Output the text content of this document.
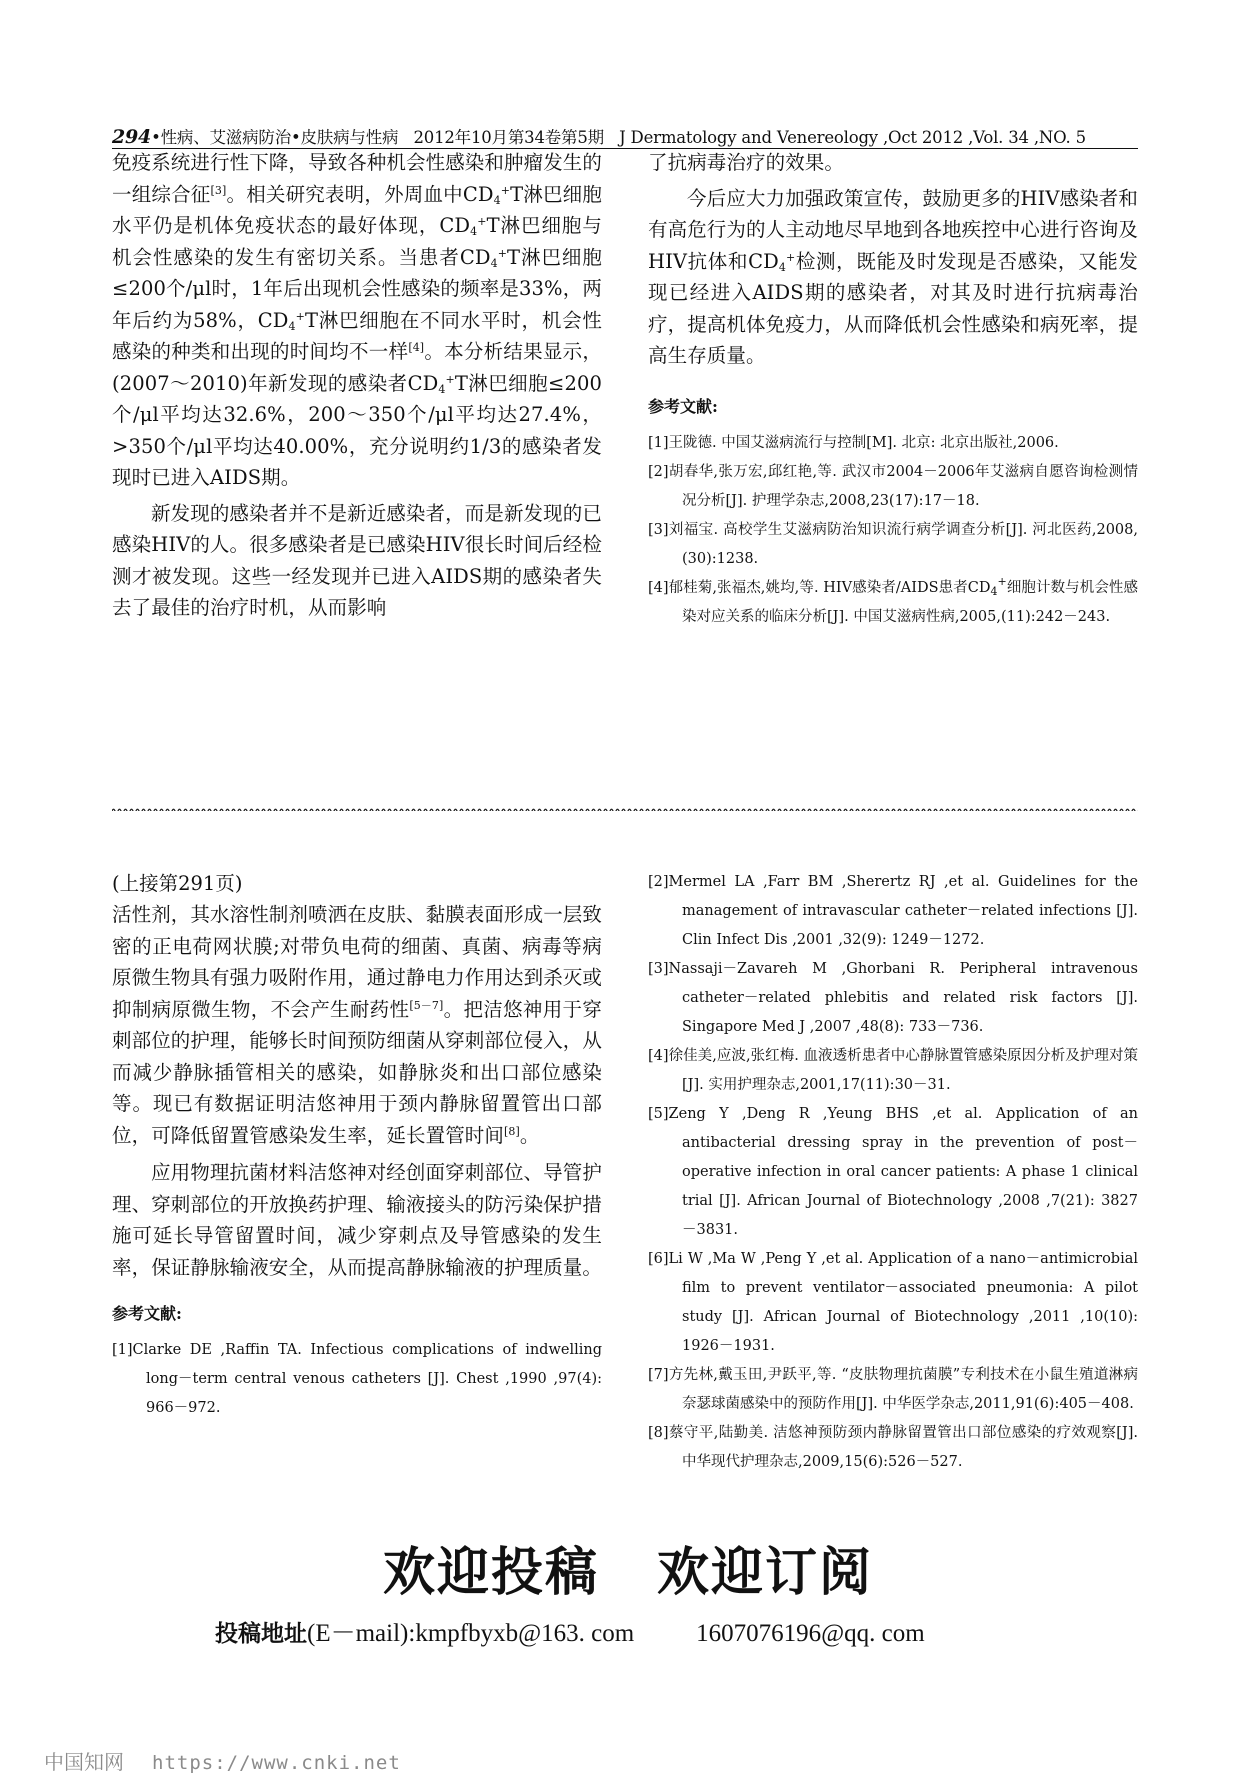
294•性病、艾滋病防治•皮肤病与性病 2012年10月第34卷第5期 J Dermatology and Venereology ,Oct 2012 ,Vol. 34 ,NO. 5

免疫系统进行性下降，导致各种机会性感染和肿瘤发生的一组综合征[3]。相关研究表明，外周血中$CD_4^+T$淋巴细胞水平仍是机体免疫状态的最好体现，$CD_4^+T$淋巴细胞与机会性感染的发生有密切关系。当患者$CD_4^+T$淋巴细胞≤200个/μl时，1年后出现机会性感染的频率是33%，两年后约为58%，$CD_4^+T$淋巴细胞在不同水平时，机会性感染的种类和出现的时间均不一样[4]。本分析结果显示，(2007～2010)年新发现的感染者$CD_4^+T$淋巴细胞≤200个/μl平均达32.6%，200～350个/μl平均达27.4%，>350个/μl平均达40.00%，充分说明约1/3的感染者发现时已进入AIDS期。

新发现的感染者并不是新近感染者，而是新发现的已感染HIV的人。很多感染者是已感染HIV很长时间后经检测才被发现。这些一经发现并已进入AIDS期的感染者失去了最佳的治疗时机，从而影响

了抗病毒治疗的效果。

今后应大力加强政策宣传，鼓励更多的HIV感染者和有高危行为的人主动地尽早地到各地疾控中心进行咨询及HIV抗体和$CD_4^+$检测，既能及时发现是否感染，又能发现已经进入AIDS期的感染者，对其及时进行抗病毒治疗，提高机体免疫力，从而降低机会性感染和病死率，提高生存质量。

参考文献:

[1]王陇德. 中国艾滋病流行与控制[M]. 北京: 北京出版社,2006.

[2]胡春华,张万宏,邱红艳,等. 武汉市2004－2006年艾滋病自愿咨询检测情况分析[J]. 护理学杂志,2008,23(17):17－18.

[3]刘福宝. 高校学生艾滋病防治知识流行病学调查分析[J]. 河北医药,2008,(30):1238.

[4]郁桂菊,张福杰,姚均,等. HIV感染者/AIDS患者$CD_4^+$细胞计数与机会性感染对应关系的临床分析[J]. 中国艾滋病性病,2005,(11):242－243.

(上接第291页)

活性剂，其水溶性制剂喷洒在皮肤、黏膜表面形成一层致密的正电荷网状膜;对带负电荷的细菌、真菌、病毒等病原微生物具有强力吸附作用，通过静电力作用达到杀灭或抑制病原微生物，不会产生耐药性[5－7]。把洁悠神用于穿刺部位的护理，能够长时间预防细菌从穿刺部位侵入，从而减少静脉插管相关的感染，如静脉炎和出口部位感染等。现已有数据证明洁悠神用于颈内静脉留置管出口部位，可降低留置管感染发生率，延长置管时间[8]。

应用物理抗菌材料洁悠神对经创面穿刺部位、导管护理、穿刺部位的开放换药护理、输液接头的防污染保护措施可延长导管留置时间，减少穿刺点及导管感染的发生率，保证静脉输液安全，从而提高静脉输液的护理质量。

参考文献:

[1]Clarke DE ,Raffin TA. Infectious complications of indwelling long－term central venous catheters [J]. Chest ,1990 ,97(4): 966－972.

[2]Mermel LA ,Farr BM ,Sherertz RJ ,et al. Guidelines for the management of intravascular catheter－related infections [J]. Clin Infect Dis ,2001 ,32(9): 1249－1272.

[3]Nassaji－Zavareh M ,Ghorbani R. Peripheral intravenous catheter－related phlebitis and related risk factors [J]. Singapore Med J ,2007 ,48(8): 733－736.

[4]徐佳美,应波,张红梅. 血液透析患者中心静脉置管感染原因分析及护理对策[J]. 实用护理杂志,2001,17(11):30－31.

[5]Zeng Y ,Deng R ,Yeung BHS ,et al. Application of an antibacterial dressing spray in the prevention of post－operative infection in oral cancer patients: A phase 1 clinical trial [J]. African Journal of Biotechnology ,2008 ,7(21): 3827－3831.

[6]Li W ,Ma W ,Peng Y ,et al. Application of a nano－antimicrobial film to prevent ventilator－associated pneumonia: A pilot study [J]. African Journal of Biotechnology ,2011 ,10(10): 1926－1931.

[7]方先林,戴玉田,尹跃平,等. “皮肤物理抗菌膜”专利技术在小鼠生殖道淋病奈瑟球菌感染中的预防作用[J]. 中华医学杂志,2011,91(6):405－408.

[8]蔡守平,陆勤美. 洁悠神预防颈内静脉留置管出口部位感染的疗效观察[J]. 中华现代护理杂志,2009,15(6):526－527.

欢迎投稿 欢迎订阅
投稿地址(E－mail):kmpfbyxb@163. com 1607076196@qq. com
中国知网 https://www.cnki.net
